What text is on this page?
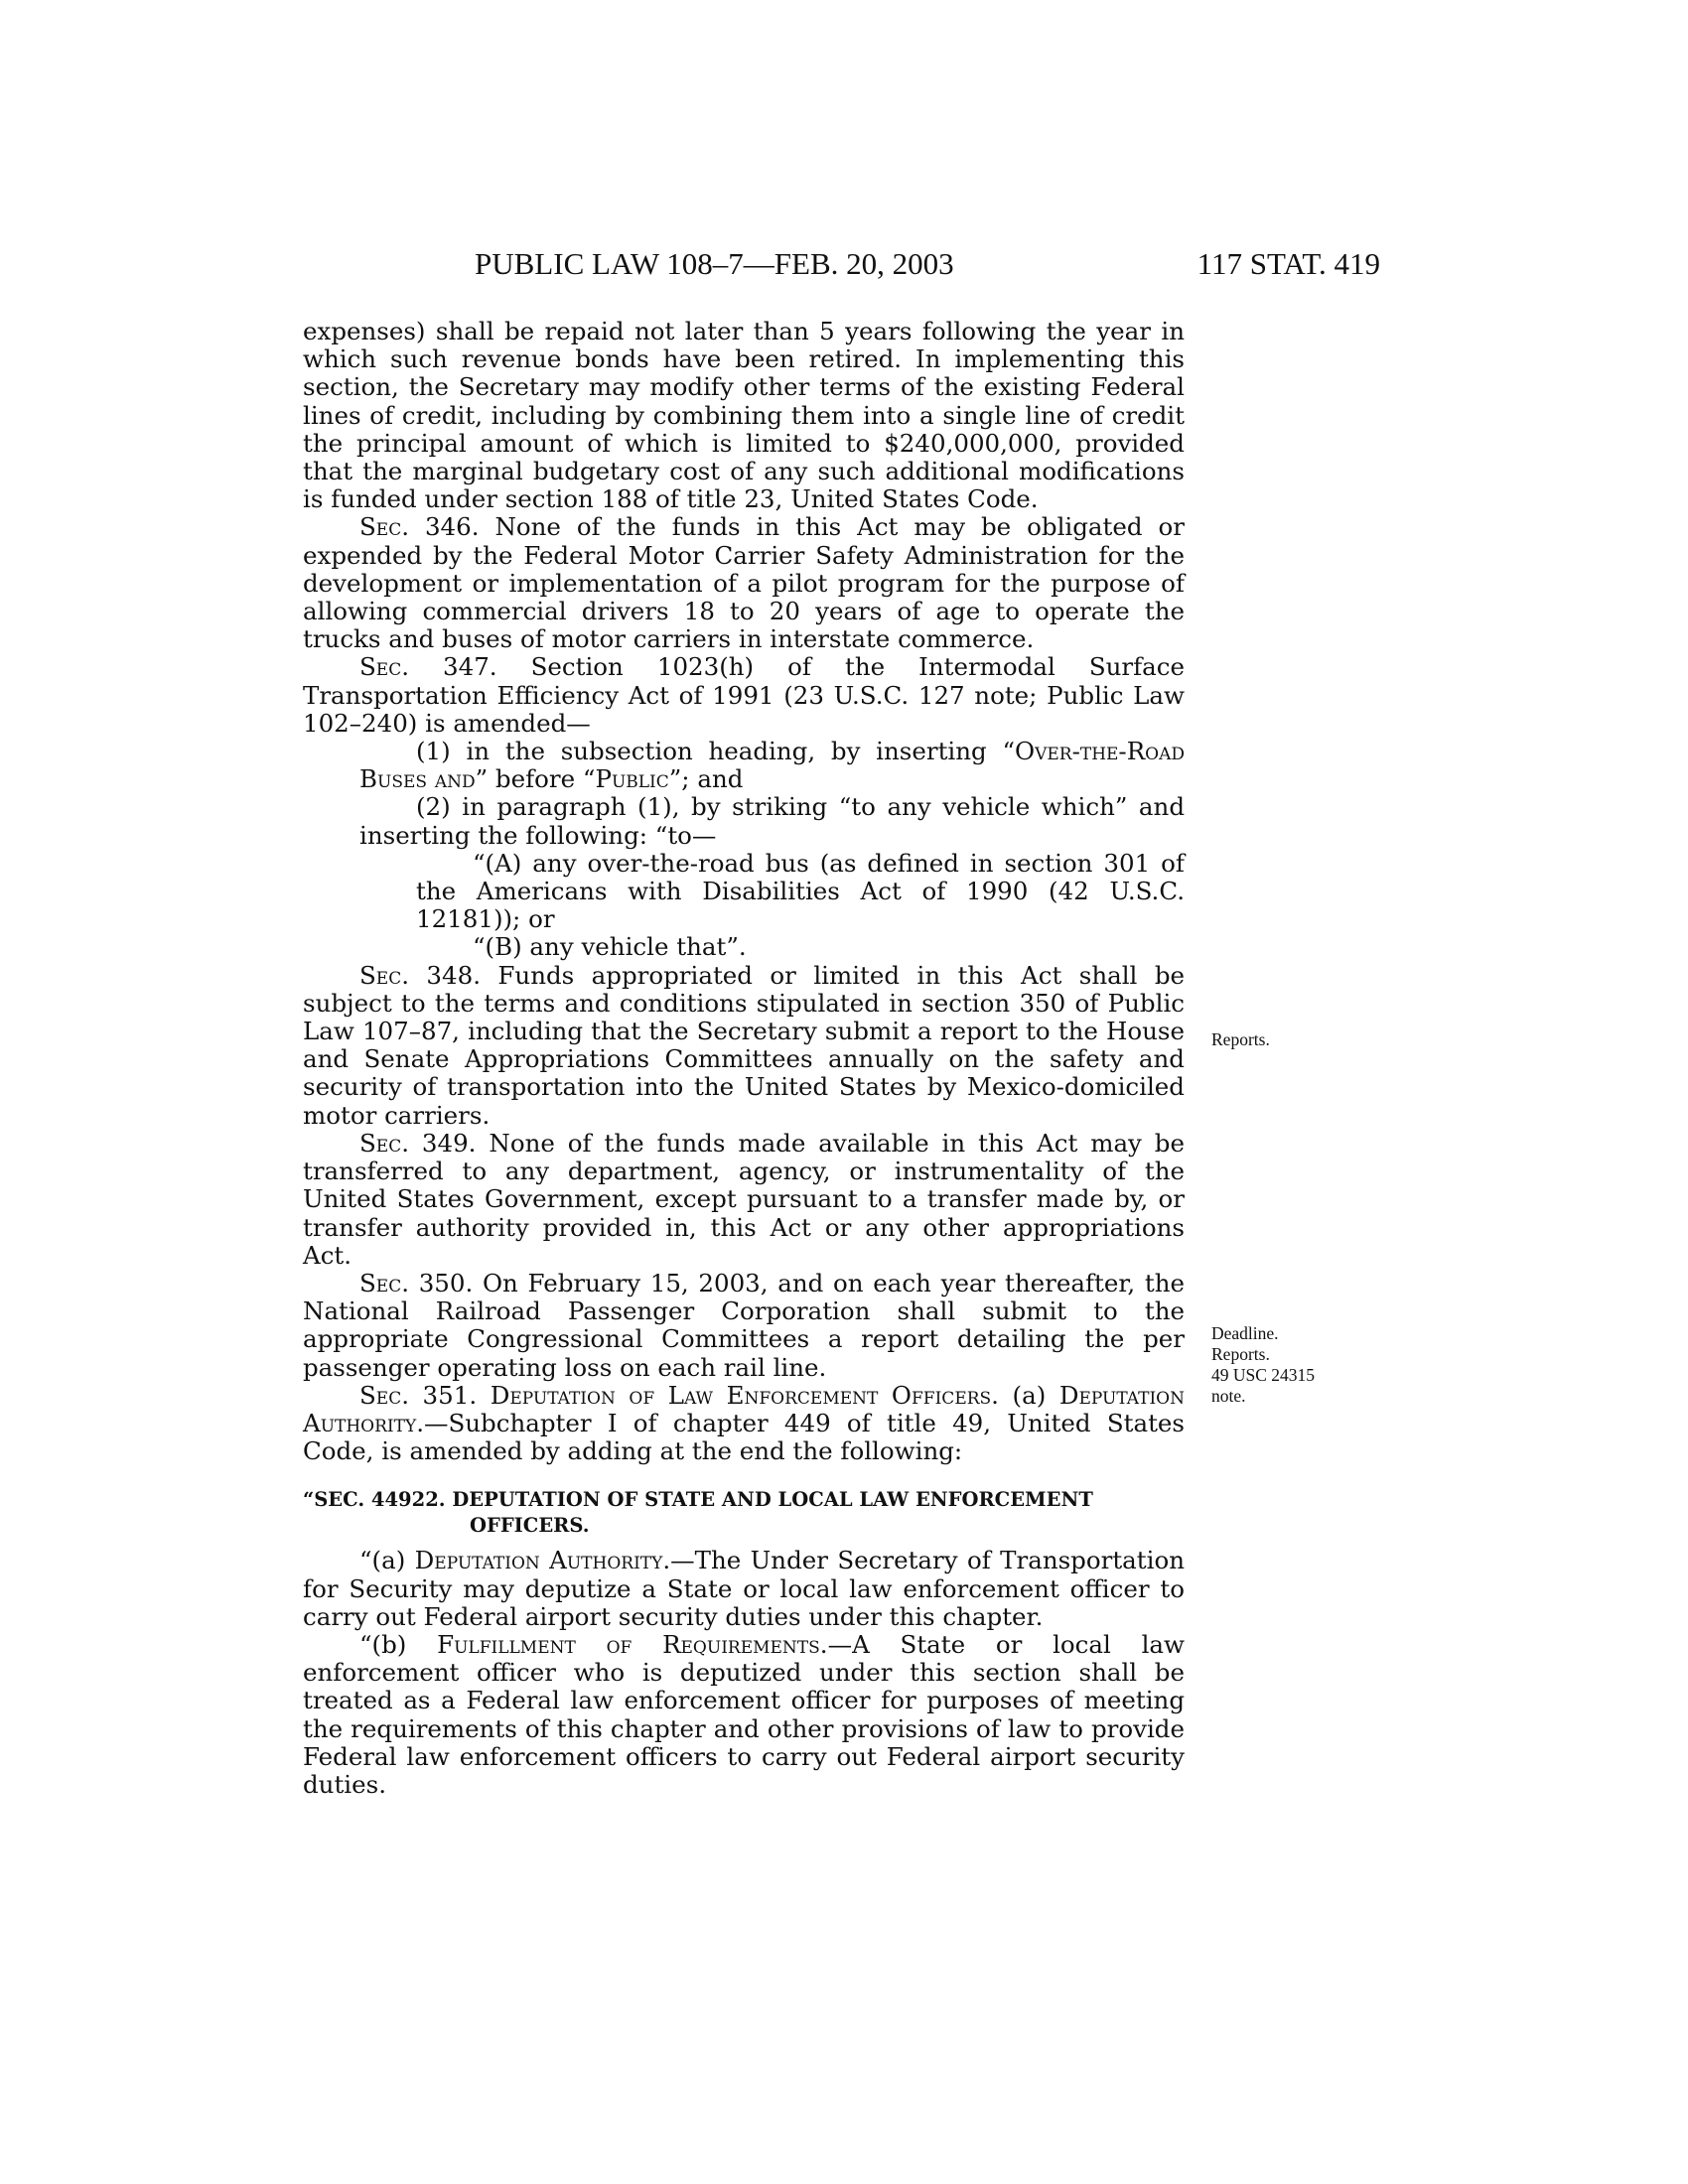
PUBLIC LAW 108–7—FEB. 20, 2003	117 STAT. 419

expenses) shall be repaid not later than 5 years following the year in which such revenue bonds have been retired. In implementing this section, the Secretary may modify other terms of the existing Federal lines of credit, including by combining them into a single line of credit the principal amount of which is limited to $240,000,000, provided that the marginal budgetary cost of any such additional modifications is funded under section 188 of title 23, United States Code.

Sec. 346. None of the funds in this Act may be obligated or expended by the Federal Motor Carrier Safety Administration for the development or implementation of a pilot program for the purpose of allowing commercial drivers 18 to 20 years of age to operate the trucks and buses of motor carriers in interstate commerce.

Sec. 347. Section 1023(h) of the Intermodal Surface Transportation Efficiency Act of 1991 (23 U.S.C. 127 note; Public Law 102–240) is amended—

(1) in the subsection heading, by inserting “Over-the-Road Buses and” before “Public”; and

(2) in paragraph (1), by striking “to any vehicle which” and inserting the following: “to—

“(A) any over-the-road bus (as defined in section 301 of the Americans with Disabilities Act of 1990 (42 U.S.C. 12181)); or

“(B) any vehicle that”.

Sec. 348. Funds appropriated or limited in this Act shall be subject to the terms and conditions stipulated in section 350 of Public Law 107–87, including that the Secretary submit a report to the House and Senate Appropriations Committees annually on the safety and security of transportation into the United States by Mexico-domiciled motor carriers.

Sec. 349. None of the funds made available in this Act may be transferred to any department, agency, or instrumentality of the United States Government, except pursuant to a transfer made by, or transfer authority provided in, this Act or any other appropriations Act.

Sec. 350. On February 15, 2003, and on each year thereafter, the National Railroad Passenger Corporation shall submit to the appropriate Congressional Committees a report detailing the per passenger operating loss on each rail line.

Sec. 351. Deputation of Law Enforcement Officers. (a) Deputation Authority.—Subchapter I of chapter 449 of title 49, United States Code, is amended by adding at the end the following:

“SEC. 44922. DEPUTATION OF STATE AND LOCAL LAW ENFORCEMENT OFFICERS.

“(a) Deputation Authority.—The Under Secretary of Transportation for Security may deputize a State or local law enforcement officer to carry out Federal airport security duties under this chapter.

“(b) Fulfillment of Requirements.—A State or local law enforcement officer who is deputized under this section shall be treated as a Federal law enforcement officer for purposes of meeting the requirements of this chapter and other provisions of law to provide Federal law enforcement officers to carry out Federal airport security duties.

Reports.
Deadline.
Reports.
49 USC 24315
note.
